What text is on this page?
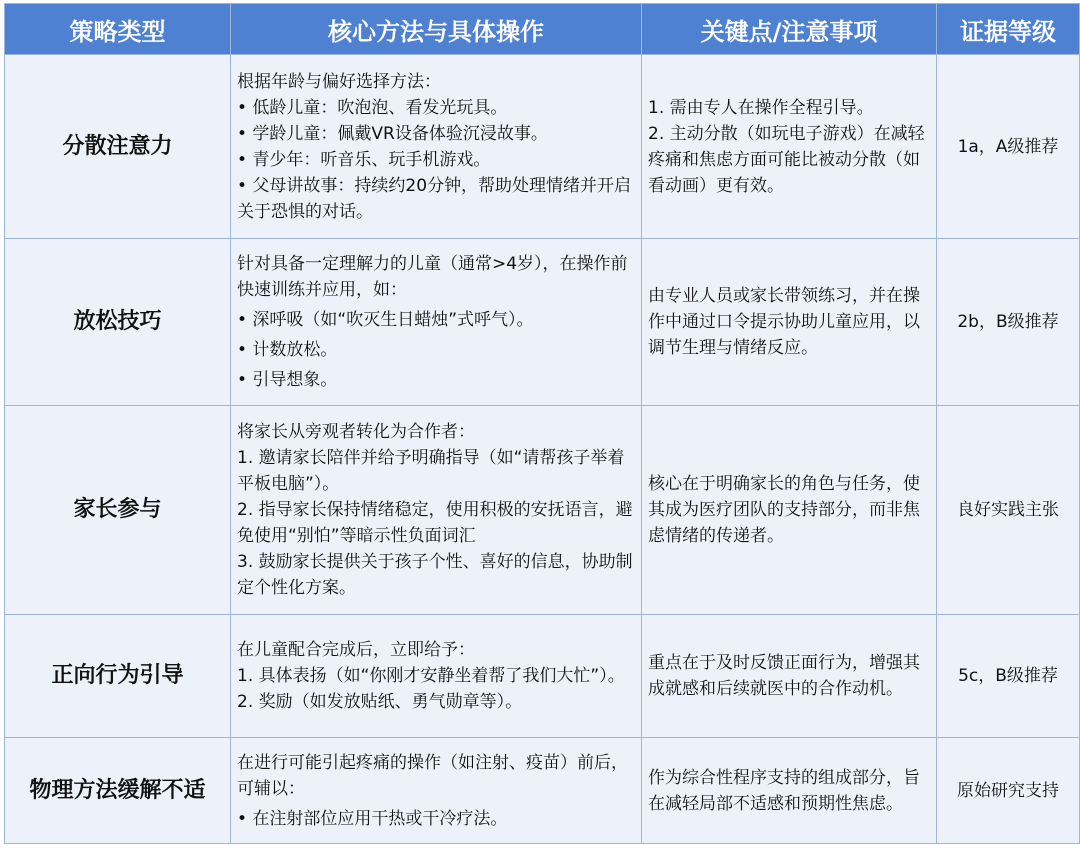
策略类型	核心方法与具体操作	关键点/注意事项	证据等级
分散注意力	根据年龄与偏好选择方法：
• 低龄儿童：吹泡泡、看发光玩具。
• 学龄儿童：佩戴VR设备体验沉浸故事。
• 青少年：听音乐、玩手机游戏。
• 父母讲故事：持续约20分钟，帮助处理情绪并开启关于恐惧的对话。	1. 需由专人在操作全程引导。
2. 主动分散（如玩电子游戏）在减轻疼痛和焦虑方面可能比被动分散（如看动画）更有效。	1a，A级推荐
放松技巧	针对具备一定理解力的儿童（通常>4岁），在操作前快速训练并应用，如：
• 深呼吸（如“吹灭生日蜡烛”式呼气）。
• 计数放松。
• 引导想象。	由专业人员或家长带领练习，并在操作中通过口令提示协助儿童应用，以调节生理与情绪反应。	2b，B级推荐
家长参与	将家长从旁观者转化为合作者：
1. 邀请家长陪伴并给予明确指导（如“请帮孩子举着平板电脑”）。
2. 指导家长保持情绪稳定，使用积极的安抚语言，避免使用“别怕”等暗示性负面词汇
3. 鼓励家长提供关于孩子个性、喜好的信息，协助制定个性化方案。	核心在于明确家长的角色与任务，使其成为医疗团队的支持部分，而非焦虑情绪的传递者。	良好实践主张
正向行为引导	在儿童配合完成后，立即给予：
1. 具体表扬（如“你刚才安静坐着帮了我们大忙”）。
2. 奖励（如发放贴纸、勇气勋章等）。	重点在于及时反馈正面行为，增强其成就感和后续就医中的合作动机。	5c，B级推荐
物理方法缓解不适	在进行可能引起疼痛的操作（如注射、疫苗）前后，可辅以：
• 在注射部位应用干热或干冷疗法。	作为综合性程序支持的组成部分，旨在减轻局部不适感和预期性焦虑。	原始研究支持
